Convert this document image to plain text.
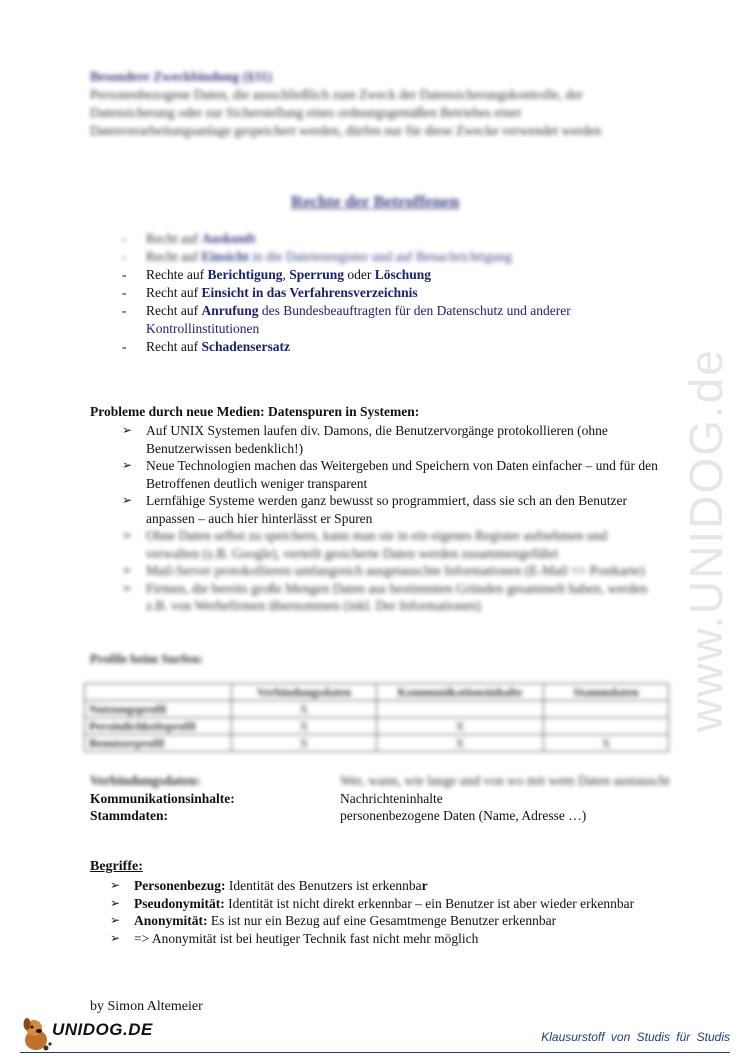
Besondere Zweckbindung (§31)
Personenbezogene Daten, die ausschließlich zum Zweck der Datensicherungskontrolle, der Datensicherung oder zur Sicherstellung eines ordnungsgemäßen Betriebes einer Datenverarbeitungsanlage gespeichert werden, dürfen nur für diese Zwecke verwendet werden
Rechte der Betroffenen
- Recht auf Auskunft
- Recht auf Einsicht in die Dateienregister und auf Benachrichtigung
- Rechte auf Berichtigung, Sperrung oder Löschung
- Recht auf Einsicht in das Verfahrensverzeichnis
- Recht auf Anrufung des Bundesbeauftragten für den Datenschutz und anderer Kontrollinstitutionen
- Recht auf Schadensersatz
Probleme durch neue Medien: Datenspuren in Systemen:
➢ Auf UNIX Systemen laufen div. Damons, die Benutzervorgänge protokollieren (ohne Benutzerwissen bedenklich!)
➢ Neue Technologien machen das Weitergeben und Speichern von Daten einfacher – und für den Betroffenen deutlich weniger transparent
➢ Lernfähige Systeme werden ganz bewusst so programmiert, dass sie sch an den Benutzer anpassen – auch hier hinterlässt er Spuren
➢ Ohne Daten selbst zu speichern, kann man sie in ein eigenes Register aufnehmen und verwalten (z.B. Google), verteilt gesicherte Daten werden zusammengeführt
➢ Mail-Server protokollieren umfangreich ausgetauschte Informationen (E-Mail => Postkarte)
➢ Firmen, die bereits große Mengen Daten aus bestimmten Gründen gesammelt haben, werden z.B. von Werbefirmen übernommen (inkl. Der Informationen)
Profile beim Surfen:
	Verbindungsdaten	Kommunikationsinhalte	Stammdaten
Nutzungsprofil	X		
Persönlichkeitsprofil	X	X	
Benutzerprofil	X	X	X
Verbindungsdaten:	Wer, wann, wie lange und von wo mit wem Daten austauscht
Kommunikationsinhalte:	Nachrichteninhalte
Stammdaten:	personenbezogene Daten (Name, Adresse …)
Begriffe:
➢ Personenbezug: Identität des Benutzers ist erkennbar
➢ Pseudonymität: Identität ist nicht direkt erkennbar – ein Benutzer ist aber wieder erkennbar
➢ Anonymität: Es ist nur ein Bezug auf eine Gesamtmenge Benutzer erkennbar
➢ => Anonymität ist bei heutiger Technik fast nicht mehr möglich
by Simon Altemeier
www.UNIDOG.de
UNIDOG.DE	Klausurstoff von Studis für Studis
